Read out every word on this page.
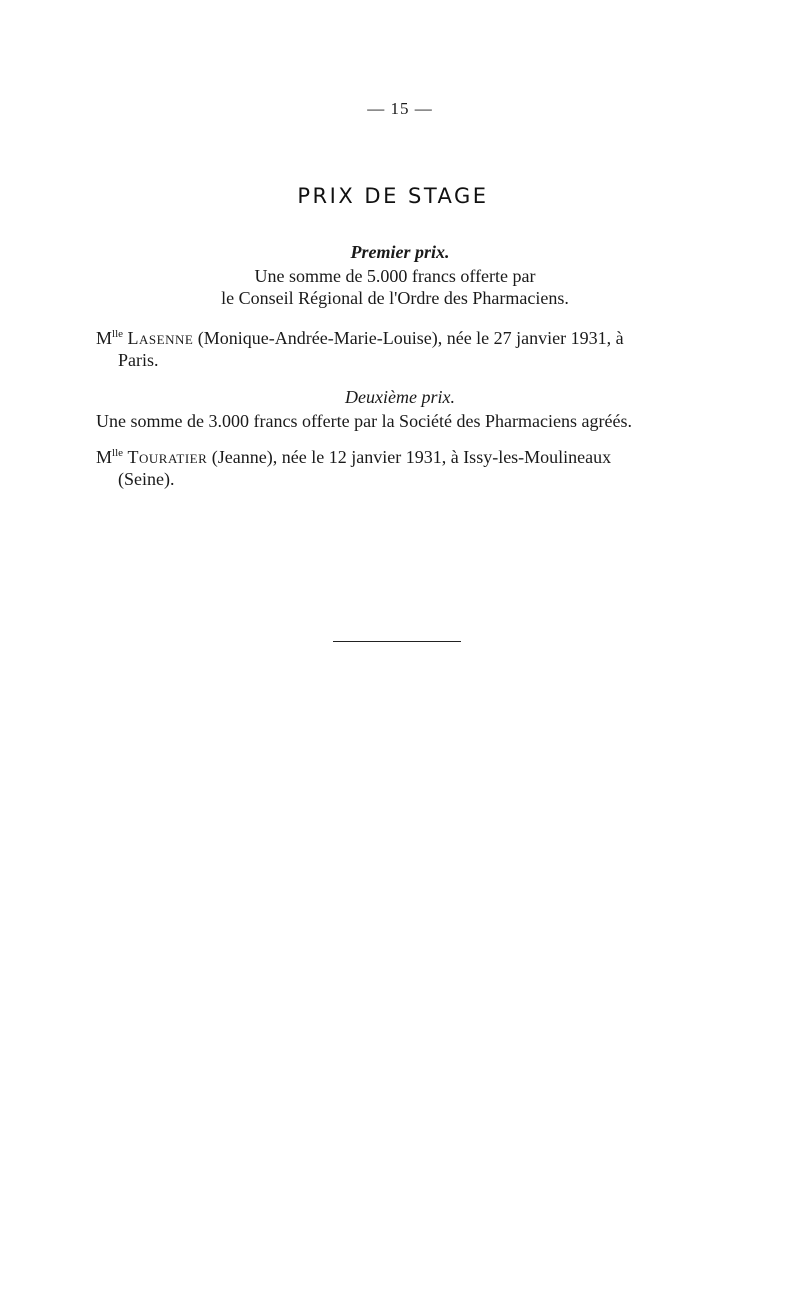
— 15 —
PRIX DE STAGE
Premier prix.
Une somme de 5.000 francs offerte par
le Conseil Régional de l'Ordre des Pharmaciens.
$M^{lle}$ Lasenne (Monique-Andrée-Marie-Louise), née le 27 janvier 1931, à
Paris.
Deuxième prix.
Une somme de 3.000 francs offerte par la Société des Pharmaciens agréés.
$M^{lle}$ Touratier (Jeanne), née le 12 janvier 1931, à Issy-les-Moulineaux
(Seine).
